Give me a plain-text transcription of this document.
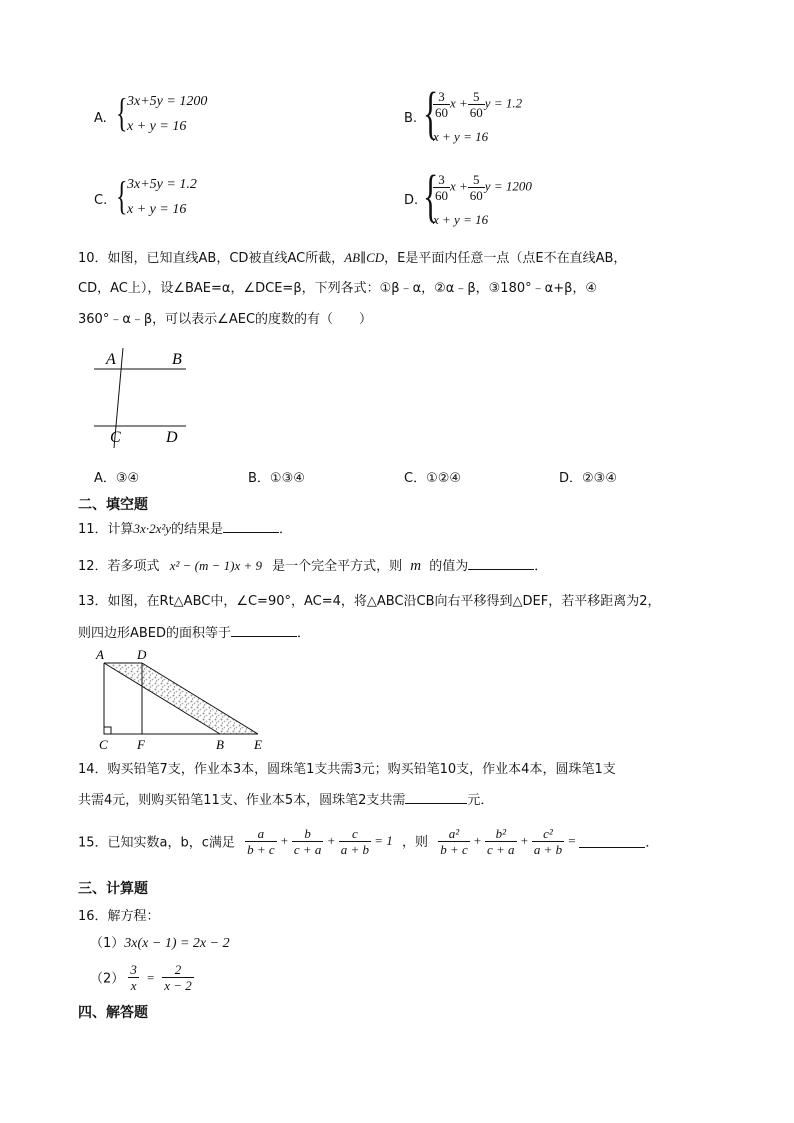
A. { 3x+5y = 1200
x + y = 16
B. {
$\frac{3}{60}$ $x + \frac{5}{60}$ y = 1.2
x + y = 16
C. { 3x+5y = 1.2
x + y = 16
D. {
$\frac{3}{60}$ $x + \frac{5}{60}$ y = 1200
x + y = 16
10．如图，已知直线AB，CD被直线AC所截，AB∥CD，E是平面内任意一点（点E不在直线AB，
CD，AC上），设∠BAE=α，∠DCE=β，下列各式：①β﹣α，②α﹣β，③180°﹣α+β，④
360°﹣α﹣β，可以表示∠AEC的度数的有（　　）
A	B
C	D
A．③④	B．①③④	C．①②④	D．②③④
二、填空题
11．计算3x·2x²y的结果是	．
12．若多项式 x² − (m − 1)x + 9 是一个完全平方式，则 m 的值为	．
13．如图，在Rt△ABC中，∠C=90°，AC=4，将△ABC沿CB向右平移得到△DEF，若平移距离为2，
则四边形ABED的面积等于	．
A	D
C F	B E
14．购买铅笔7支，作业本3本，圆珠笔1支共需3元；购买铅笔10支，作业本4本，圆珠笔1支
共需4元，则购买铅笔11支、作业本5本，圆珠笔2支共需	元．
15．已知实数a，b，c满足 $\frac{a}{b + c} + \frac{b}{c + a} + \frac{c}{a + b} = 1$ ，则 $\frac{\text{a²}}{b + c} + \frac{\text{b²}}{c + a} + \frac{\text{c²}}{a + b}$ =	．
三、计算题
16．解方程：
（1）3x(x − 1) = 2x − 2
$(2) \frac{3}{x} = \frac{2}{x - 2}$
四、解答题
